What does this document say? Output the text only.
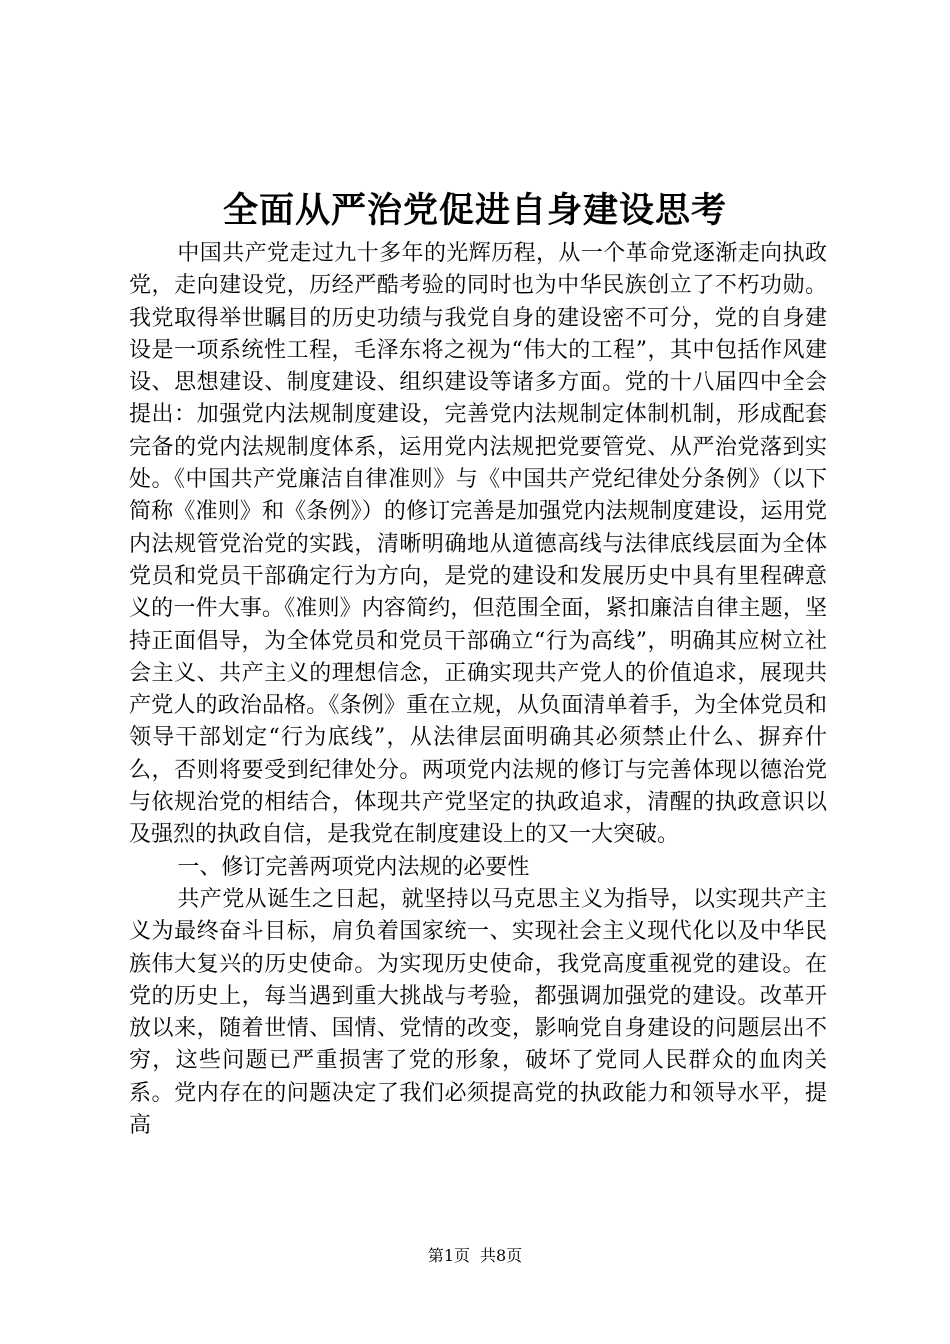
全面从严治党促进自身建设思考

中国共产党走过九十多年的光辉历程，从一个革命党逐渐走向执政党，走向建设党，历经严酷考验的同时也为中华民族创立了不朽功勋。我党取得举世瞩目的历史功绩与我党自身的建设密不可分，党的自身建设是一项系统性工程，毛泽东将之视为“伟大的工程”，其中包括作风建设、思想建设、制度建设、组织建设等诸多方面。党的十八届四中全会提出：加强党内法规制度建设，完善党内法规制定体制机制，形成配套完备的党内法规制度体系，运用党内法规把党要管党、从严治党落到实处。《中国共产党廉洁自律准则》与《中国共产党纪律处分条例》（以下简称《准则》和《条例》）的修订完善是加强党内法规制度建设，运用党内法规管党治党的实践，清晰明确地从道德高线与法律底线层面为全体党员和党员干部确定行为方向，是党的建设和发展历史中具有里程碑意义的一件大事。《准则》内容简约，但范围全面，紧扣廉洁自律主题，坚持正面倡导，为全体党员和党员干部确立“行为高线”，明确其应树立社会主义、共产主义的理想信念，正确实现共产党人的价值追求，展现共产党人的政治品格。《条例》重在立规，从负面清单着手，为全体党员和领导干部划定“行为底线”，从法律层面明确其必须禁止什么、摒弃什么，否则将要受到纪律处分。两项党内法规的修订与完善体现以德治党与依规治党的相结合，体现共产党坚定的执政追求，清醒的执政意识以及强烈的执政自信，是我党在制度建设上的又一大突破。

一、修订完善两项党内法规的必要性

共产党从诞生之日起，就坚持以马克思主义为指导，以实现共产主义为最终奋斗目标，肩负着国家统一、实现社会主义现代化以及中华民族伟大复兴的历史使命。为实现历史使命，我党高度重视党的建设。在党的历史上，每当遇到重大挑战与考验，都强调加强党的建设。改革开放以来，随着世情、国情、党情的改变，影响党自身建设的问题层出不穷，这些问题已严重损害了党的形象，破坏了党同人民群众的血肉关系。党内存在的问题决定了我们必须提高党的执政能力和领导水平，提高

第1页 共8页
